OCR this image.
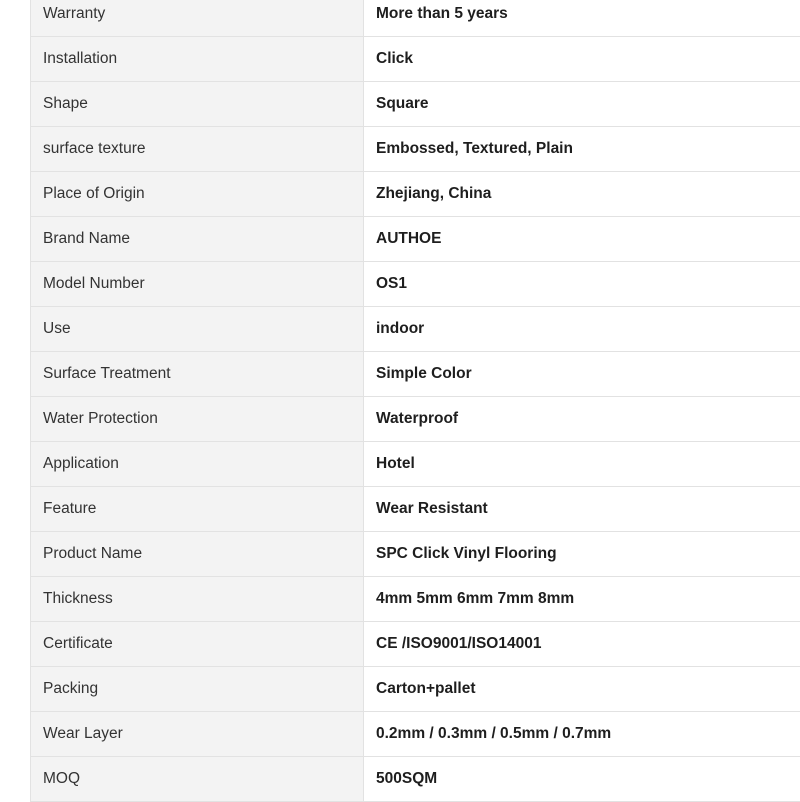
Warranty	More than 5 years
Installation	Click
Shape	Square
surface texture	Embossed, Textured, Plain
Place of Origin	Zhejiang, China
Brand Name	AUTHOE
Model Number	OS1
Use	indoor
Surface Treatment	Simple Color
Water Protection	Waterproof
Application	Hotel
Feature	Wear Resistant
Product Name	SPC Click Vinyl Flooring
Thickness	4mm 5mm 6mm 7mm 8mm
Certificate	CE /ISO9001/ISO14001
Packing	Carton+pallet
Wear Layer	0.2mm / 0.3mm / 0.5mm / 0.7mm
MOQ	500SQM
